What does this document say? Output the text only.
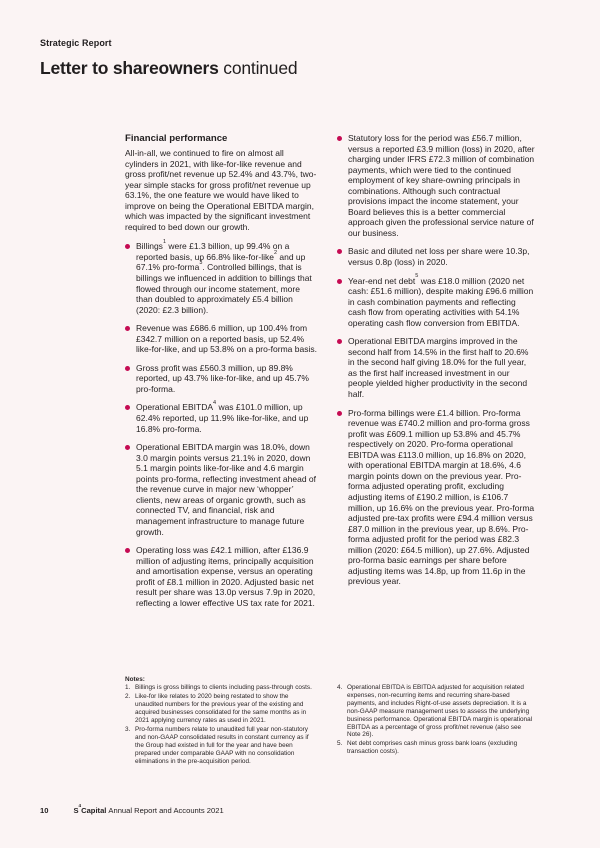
Strategic Report
Letter to shareowners continued
Financial performance

All-in-all, we continued to fire on almost all cylinders in 2021, with like-for-like revenue and gross profit/net revenue up 52.4% and 43.7%, two-year simple stacks for gross profit/net revenue up 63.1%, the one feature we would have liked to improve on being the Operational EBITDA margin, which was impacted by the significant investment required to bed down our growth.

Billings$^1$ were £1.3 billion, up 99.4% on a reported basis, up 66.8% like-for-like$^2$ and up 67.1% pro-forma$^3$. Controlled billings, that is billings we influenced in addition to billings that flowed through our income statement, more than doubled to approximately £5.4 billion (2020: £2.3 billion).
Revenue was £686.6 million, up 100.4% from £342.7 million on a reported basis, up 52.4% like-for-like, and up 53.8% on a pro-forma basis.
Gross profit was £560.3 million, up 89.8% reported, up 43.7% like-for-like, and up 45.7% pro-forma.
Operational EBITDA$^4$ was £101.0 million, up 62.4% reported, up 11.9% like-for-like, and up 16.8% pro-forma.
Operational EBITDA margin was 18.0%, down 3.0 margin points versus 21.1% in 2020, down 5.1 margin points like-for-like and 4.6 margin points pro-forma, reflecting investment ahead of the revenue curve in major new ‘whopper’ clients, new areas of organic growth, such as connected TV, and financial, risk and management infrastructure to manage future growth.
Operating loss was £42.1 million, after £136.9 million of adjusting items, principally acquisition and amortisation expense, versus an operating profit of £8.1 million in 2020. Adjusted basic net result per share was 13.0p versus 7.9p in 2020, reflecting a lower effective US tax rate for 2021.
Statutory loss for the period was £56.7 million, versus a reported £3.9 million (loss) in 2020, after charging under IFRS £72.3 million of combination payments, which were tied to the continued employment of key share-owning principals in combinations. Although such contractual provisions impact the income statement, your Board believes this is a better commercial approach given the professional service nature of our business.
Basic and diluted net loss per share were 10.3p, versus 0.8p (loss) in 2020.
Year-end net debt$^5$ was £18.0 million (2020 net cash: £51.6 million), despite making £96.6 million in cash combination payments and reflecting cash flow from operating activities with 54.1% operating cash flow conversion from EBITDA.
Operational EBITDA margins improved in the second half from 14.5% in the first half to 20.6% in the second half giving 18.0% for the full year, as the first half increased investment in our people yielded higher productivity in the second half.
Pro-forma billings were £1.4 billion. Pro-forma revenue was £740.2 million and pro-forma gross profit was £609.1 million up 53.8% and 45.7% respectively on 2020. Pro-forma operational EBITDA was £113.0 million, up 16.8% on 2020, with operational EBITDA margin at 18.6%, 4.6 margin points down on the previous year. Pro-forma adjusted operating profit, excluding adjusting items of £190.2 million, is £106.7 million, up 16.6% on the previous year. Pro-forma adjusted pre-tax profits were £94.4 million versus £87.0 million in the previous year, up 8.6%. Pro-forma adjusted profit for the period was £82.3 million (2020: £64.5 million), up 27.6%. Adjusted pro-forma basic earnings per share before adjusting items was 14.8p, up from 11.6p in the previous year.
Notes:
1. Billings is gross billings to clients including pass-through costs.
2. Like-for like relates to 2020 being restated to show the unaudited numbers for the previous year of the existing and acquired businesses consolidated for the same months as in 2021 applying currency rates as used in 2021.
3. Pro-forma numbers relate to unaudited full year non-statutory and non-GAAP consolidated results in constant currency as if the Group had existed in full for the year and have been prepared under comparable GAAP with no consolidation eliminations in the pre-acquisition period.
4. Operational EBITDA is EBITDA adjusted for acquisition related expenses, non-recurring items and recurring share-based payments, and includes Right-of-use assets depreciation. It is a non-GAAP measure management uses to assess the underlying business performance. Operational EBITDA margin is operational EBITDA as a percentage of gross profit/net revenue (also see Note 26).
5. Net debt comprises cash minus gross bank loans (excluding transaction costs).
10	$S^4Capital$ Annual Report and Accounts 2021
